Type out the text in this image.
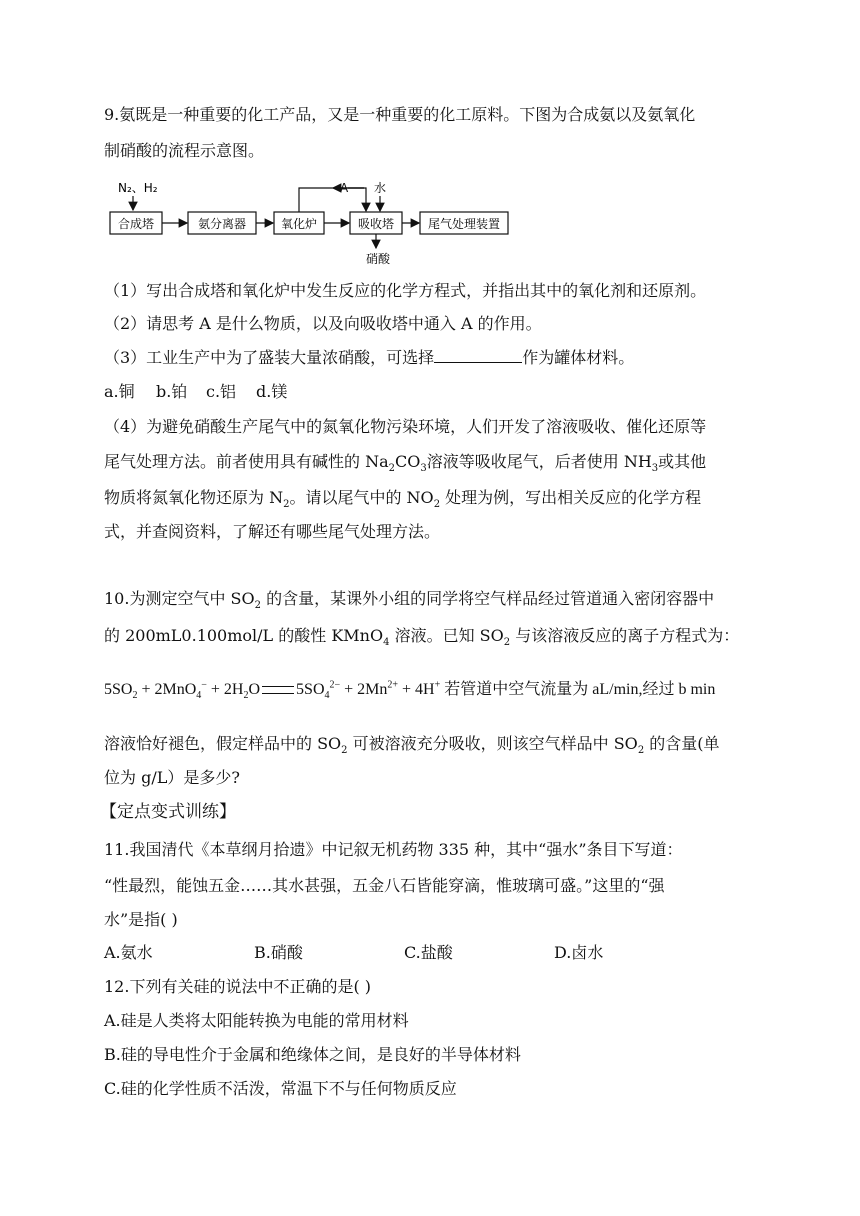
9.氨既是一种重要的化工产品，又是一种重要的化工原料。下图为合成氨以及氨氧化
制硝酸的流程示意图。
N₂、H₂
合成塔	氨分离器	氧化炉	吸收塔	尾气处理装置
A 水
硝酸
（1）写出合成塔和氧化炉中发生反应的化学方程式，并指出其中的氧化剂和还原剂。
（2）请思考 A 是什么物质，以及向吸收塔中通入 A 的作用。
（3）工业生产中为了盛装大量浓硝酸，可选择	作为罐体材料。
a.铜 b.铂 c.铝 d.镁
（4）为避免硝酸生产尾气中的氮氧化物污染环境，人们开发了溶液吸收、催化还原等
尾气处理方法。前者使用具有碱性的 $Na_2CO_3$溶液等吸收尾气，后者使用 $NH_3$或其他
物质将氮氧化物还原为 $N_2$。请以尾气中的 $NO_2$ 处理为例，写出相关反应的化学方程
式，并查阅资料，了解还有哪些尾气处理方法。
10.为测定空气中 $SO_2$ 的含量，某课外小组的同学将空气样品经过管道通入密闭容器中
的 200mL0.100mol/L 的酸性 KMnO$_4$ 溶液。已知 $SO_2$ 与该溶液反应的离子方程式为：
$5SO_2 + 2MnO_4^- + 2H_2O$ $5SO_4^{2-} + 2Mn^{2+} + 4H^+$ 若管道中空气流量为 aL/min,经过 b min
溶液恰好褪色，假定样品中的 $SO_2$ 可被溶液充分吸收，则该空气样品中 $SO_2$ 的含量(单
位为 g/L）是多少?
【定点变式训练】
11.我国清代《本草纲月拾遗》中记叙无机药物 335 种，其中“强水”条目下写道：
“性最烈，能蚀五金……其水甚强，五金八石皆能穿滴，惟玻璃可盛。”这里的“强
水”是指( )
A.氨水	B.硝酸	C.盐酸	D.卤水
12.下列有关硅的说法中不正确的是( )
A.硅是人类将太阳能转换为电能的常用材料
B.硅的导电性介于金属和绝缘体之间，是良好的半导体材料
C.硅的化学性质不活泼，常温下不与任何物质反应
